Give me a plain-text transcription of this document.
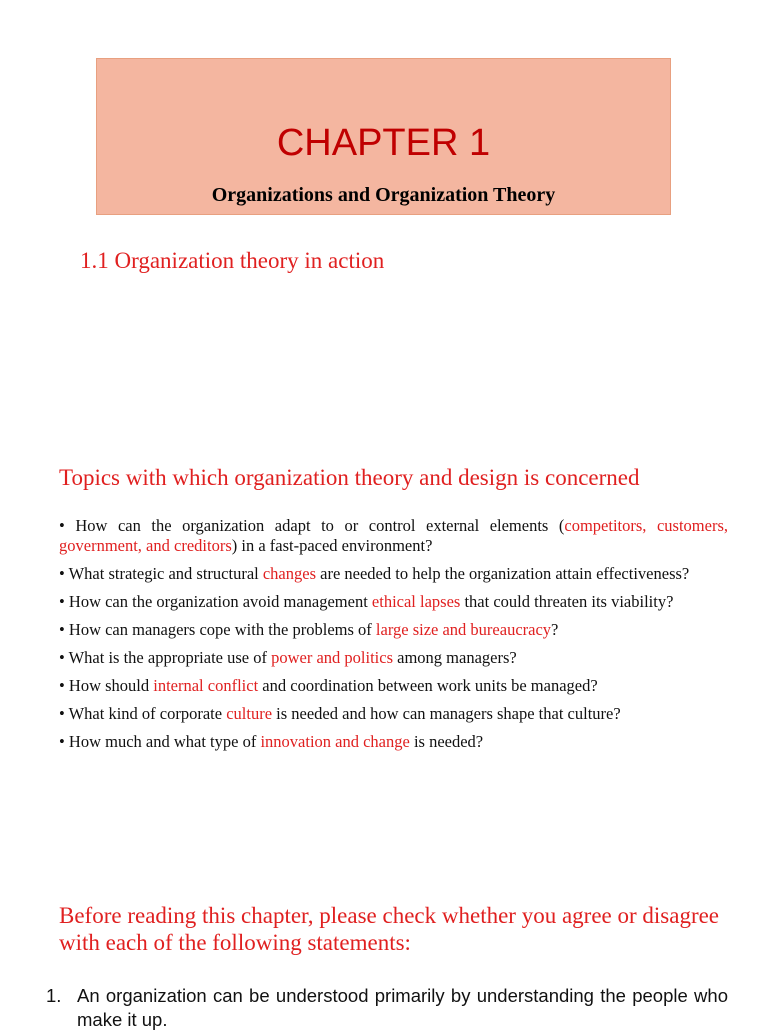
CHAPTER 1
Organizations and Organization Theory
1.1 Organization theory in action
Topics with which organization theory and design is concerned
• How can the organization adapt to or control external elements (competitors, customers, government, and creditors) in a fast-paced environment?
• What strategic and structural changes are needed to help the organization attain effectiveness?
• How can the organization avoid management ethical lapses that could threaten its viability?
• How can managers cope with the problems of large size and bureaucracy?
• What is the appropriate use of power and politics among managers?
• How should internal conflict and coordination between work units be managed?
• What kind of corporate culture is needed and how can managers shape that culture?
• How much and what type of innovation and change is needed?
Before reading this chapter, please check whether you agree or disagree with each of the following statements:
1. An organization can be understood primarily by understanding the people who make it up.
